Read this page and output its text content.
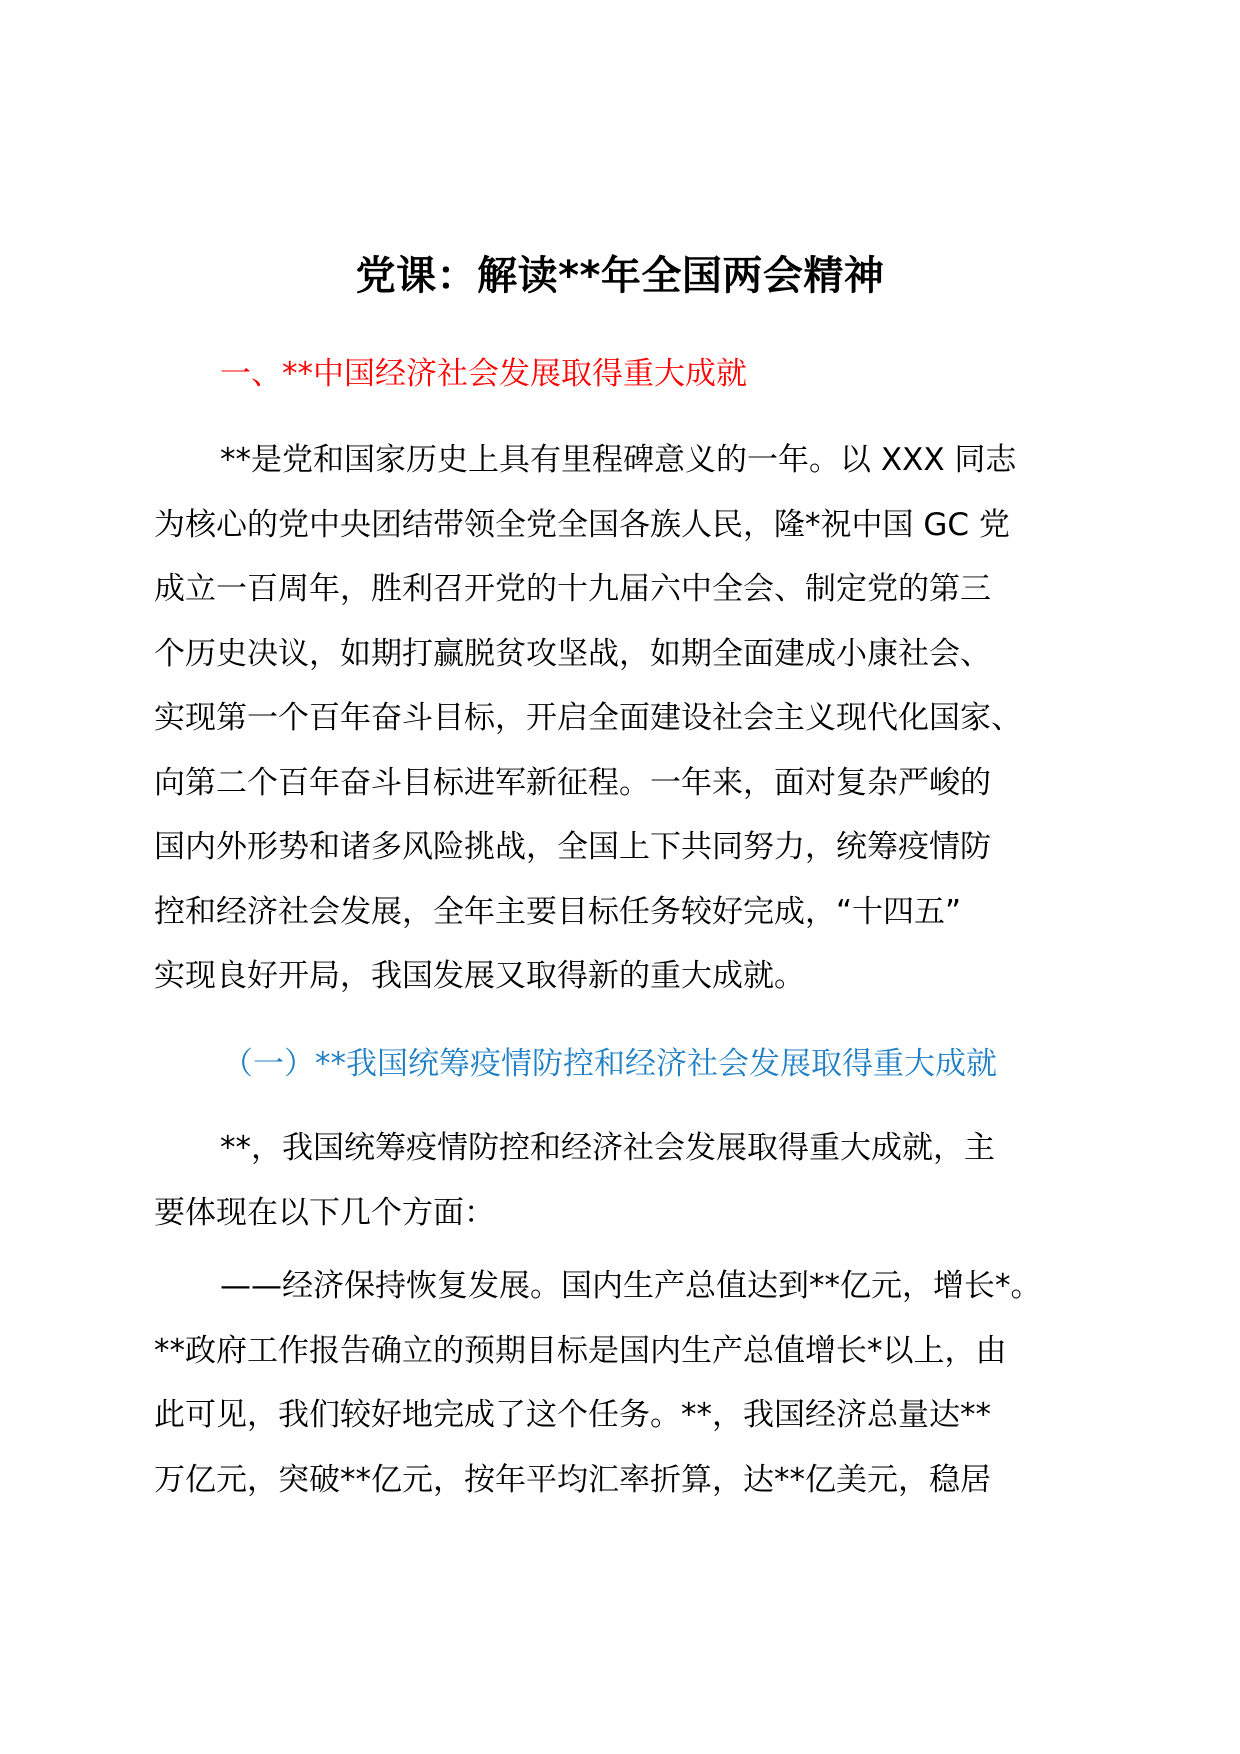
党课：解读**年全国两会精神
一、**中国经济社会发展取得重大成就
**是党和国家历史上具有里程碑意义的一年。以 XXX 同志
为核心的党中央团结带领全党全国各族人民，隆*祝中国 GC 党
成立一百周年，胜利召开党的十九届六中全会、制定党的第三
个历史决议，如期打赢脱贫攻坚战，如期全面建成小康社会、
实现第一个百年奋斗目标，开启全面建设社会主义现代化国家、
向第二个百年奋斗目标进军新征程。一年来，面对复杂严峻的
国内外形势和诸多风险挑战，全国上下共同努力，统筹疫情防
控和经济社会发展，全年主要目标任务较好完成，“十四五”
实现良好开局，我国发展又取得新的重大成就。
（一）**我国统筹疫情防控和经济社会发展取得重大成就
**，我国统筹疫情防控和经济社会发展取得重大成就，主
要体现在以下几个方面：
——经济保持恢复发展。国内生产总值达到**亿元，增长*。
**政府工作报告确立的预期目标是国内生产总值增长*以上，由
此可见，我们较好地完成了这个任务。**，我国经济总量达**
万亿元，突破**亿元，按年平均汇率折算，达**亿美元，稳居
